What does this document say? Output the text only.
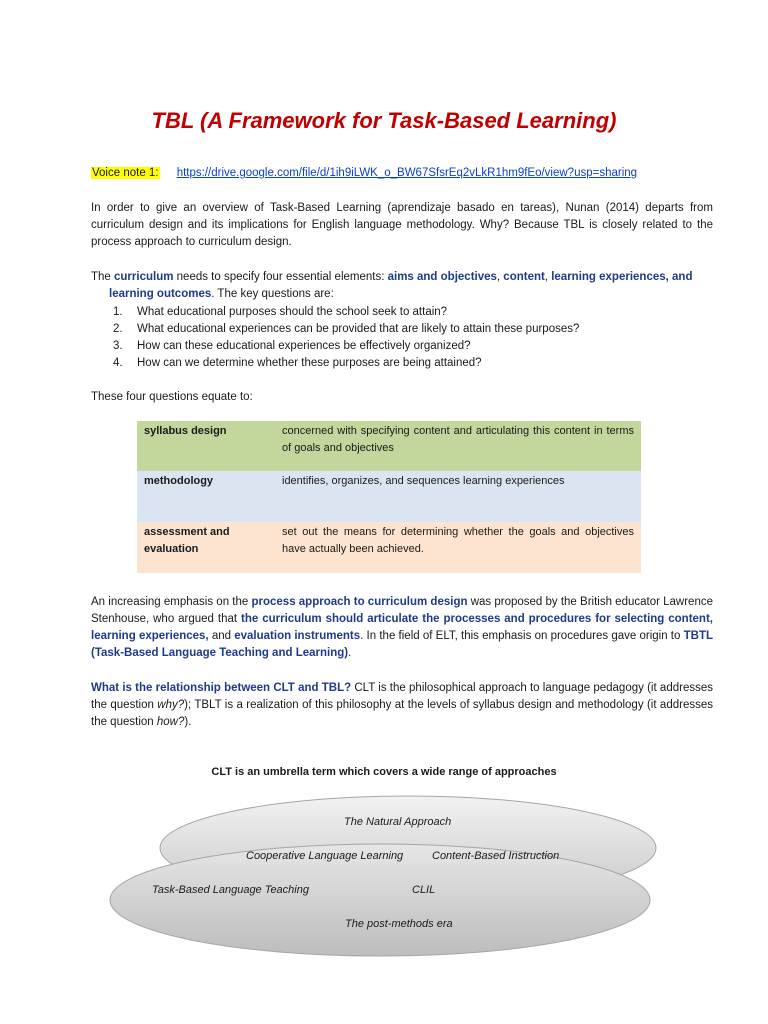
TBL (A Framework for Task-Based Learning)
Voice note 1: https://drive.google.com/file/d/1ih9iLWK_o_BW67SfsrEq2vLkR1hm9fEo/view?usp=sharing

In order to give an overview of Task-Based Learning (aprendizaje basado en tareas), Nunan (2014) departs from curriculum design and its implications for English language methodology. Why? Because TBL is closely related to the process approach to curriculum design.

The curriculum needs to specify four essential elements: aims and objectives, content, learning experiences, and
learning outcomes. The key questions are:

1.	What educational purposes should the school seek to attain?
2.	What educational experiences can be provided that are likely to attain these purposes?
3.	How can these educational experiences be effectively organized?
4.	How can we determine whether these purposes are being attained?

These four questions equate to:

syllabus design	concerned with specifying content and articulating this content in terms of goals and objectives
methodology	identifies, organizes, and sequences learning experiences
assessment and evaluation	set out the means for determining whether the goals and objectives have actually been achieved.

An increasing emphasis on the process approach to curriculum design was proposed by the British educator Lawrence Stenhouse, who argued that the curriculum should articulate the processes and procedures for selecting content, learning experiences, and evaluation instruments. In the field of ELT, this emphasis on procedures gave origin to TBTL (Task-Based Language Teaching and Learning).

What is the relationship between CLT and TBL? CLT is the philosophical approach to language pedagogy (it addresses the question why?); TBLT is a realization of this philosophy at the levels of syllabus design and methodology (it addresses the question how?).

CLT is an umbrella term which covers a wide range of approaches
The Natural Approach
Cooperative Language Learning	Content-Based Instruction
Task-Based Language Teaching	CLIL
The post-methods era
